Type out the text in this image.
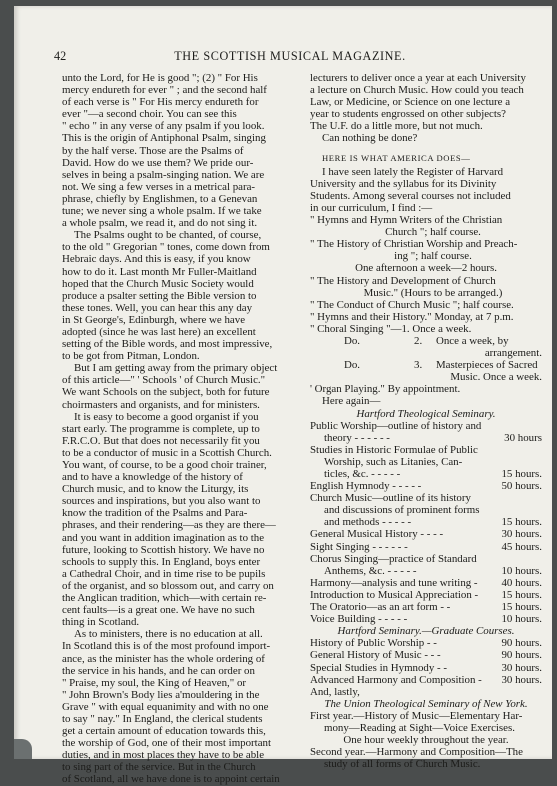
42	THE SCOTTISH MUSICAL MAGAZINE.
unto the Lord, for He is good "; (2) " For His
mercy endureth for ever " ; and the second half
of each verse is " For His mercy endureth for
ever "—a second choir. You can see this
" echo " in any verse of any psalm if you look.
This is the origin of Antiphonal Psalm, singing
by the half verse. Those are the Psalms of
David. How do we use them? We pride our-
selves in being a psalm-singing nation. We are
not. We sing a few verses in a metrical para-
phrase, chiefly by Englishmen, to a Genevan
tune; we never sing a whole psalm. If we take
a whole psalm, we read it, and do not sing it.
The Psalms ought to be chanted, of course,
to the old " Gregorian " tones, come down from
Hebraic days. And this is easy, if you know
how to do it. Last month Mr Fuller-Maitland
hoped that the Church Music Society would
produce a psalter setting the Bible version to
these tones. Well, you can hear this any day
in St George's, Edinburgh, where we have
adopted (since he was last here) an excellent
setting of the Bible words, and most impressive,
to be got from Pitman, London.
But I am getting away from the primary object
of this article—" ' Schools ' of Church Music."
We want Schools on the subject, both for future
choirmasters and organists, and for ministers.
It is easy to become a good organist if you
start early. The programme is complete, up to
F.R.C.O. But that does not necessarily fit you
to be a conductor of music in a Scottish Church.
You want, of course, to be a good choir trainer,
and to have a knowledge of the history of
Church music, and to know the Liturgy, its
sources and inspirations, but you also want to
know the tradition of the Psalms and Para-
phrases, and their rendering—as they are there—
and you want in addition imagination as to the
future, looking to Scottish history. We have no
schools to supply this. In England, boys enter
a Cathedral Choir, and in time rise to be pupils
of the organist, and so blossom out, and carry on
the Anglican tradition, which—with certain re-
cent faults—is a great one. We have no such
thing in Scotland.
As to ministers, there is no education at all.
In Scotland this is of the most profound import-
ance, as the minister has the whole ordering of
the service in his hands, and he can order on
" Praise, my soul, the King of Heaven," or
" John Brown's Body lies a'mouldering in the
Grave " with equal equanimity and with no one
to say " nay." In England, the clerical students
get a certain amount of education towards this,
the worship of God, one of their most important
duties, and in most places they have to be able
to sing part of the service. But in the Church
of Scotland, all we have done is to appoint certain
lecturers to deliver once a year at each University
a lecture on Church Music. How could you teach
Law, or Medicine, or Science on one lecture a
year to students engrossed on other subjects?
The U.F. do a little more, but not much.
Can nothing be done?
HERE IS WHAT AMERICA DOES—
I have seen lately the Register of Harvard
University and the syllabus for its Divinity
Students. Among several courses not included
in our curriculum, I find :—
" Hymns and Hymn Writers of the Christian
Church "; half course.
" The History of Christian Worship and Preach-
ing "; half course.
One afternoon a week—2 hours.
" The History and Development of Church
Music." (Hours to be arranged.)
" The Conduct of Church Music "; half course.
" Hymns and their History." Monday, at 7 p.m.
" Choral Singing "—1. Once a week.
Do.	2.	Once a week, by
arrangement.
Do.	3.	Masterpieces of Sacred
Music. Once a week.
' Organ Playing." By appointment.
Here again—
Hartford Theological Seminary.
Public Worship—outline of history and
theory - - - - - -	30 hours
Studies in Historic Formulae of Public
Worship, such as Litanies, Can-
ticles, &c. - - - - -	15 hours.
English Hymnody - - - - -	50 hours.
Church Music—outline of its history
and discussions of prominent forms
and methods - - - - -	15 hours.
General Musical History - - - -	30 hours.
Sight Singing - - - - - -	45 hours.
Chorus Singing—practice of Standard
Anthems, &c. - - - - -	10 hours.
Harmony—analysis and tune writing -	40 hours.
Introduction to Musical Appreciation -	15 hours.
The Oratorio—as an art form - -	15 hours.
Voice Building - - - - -	10 hours.
Hartford Seminary.—Graduate Courses.
History of Public Worship - -	90 hours.
General History of Music - - -	90 hours.
Special Studies in Hymnody - -	30 hours.
Advanced Harmony and Composition -	30 hours.
And, lastly,
The Union Theological Seminary of New York.
First year.—History of Music—Elementary Har-
mony—Reading at Sight—Voice Exercises.
One hour weekly throughout the year.
Second year.—Harmony and Composition—The
study of all forms of Church Music.
